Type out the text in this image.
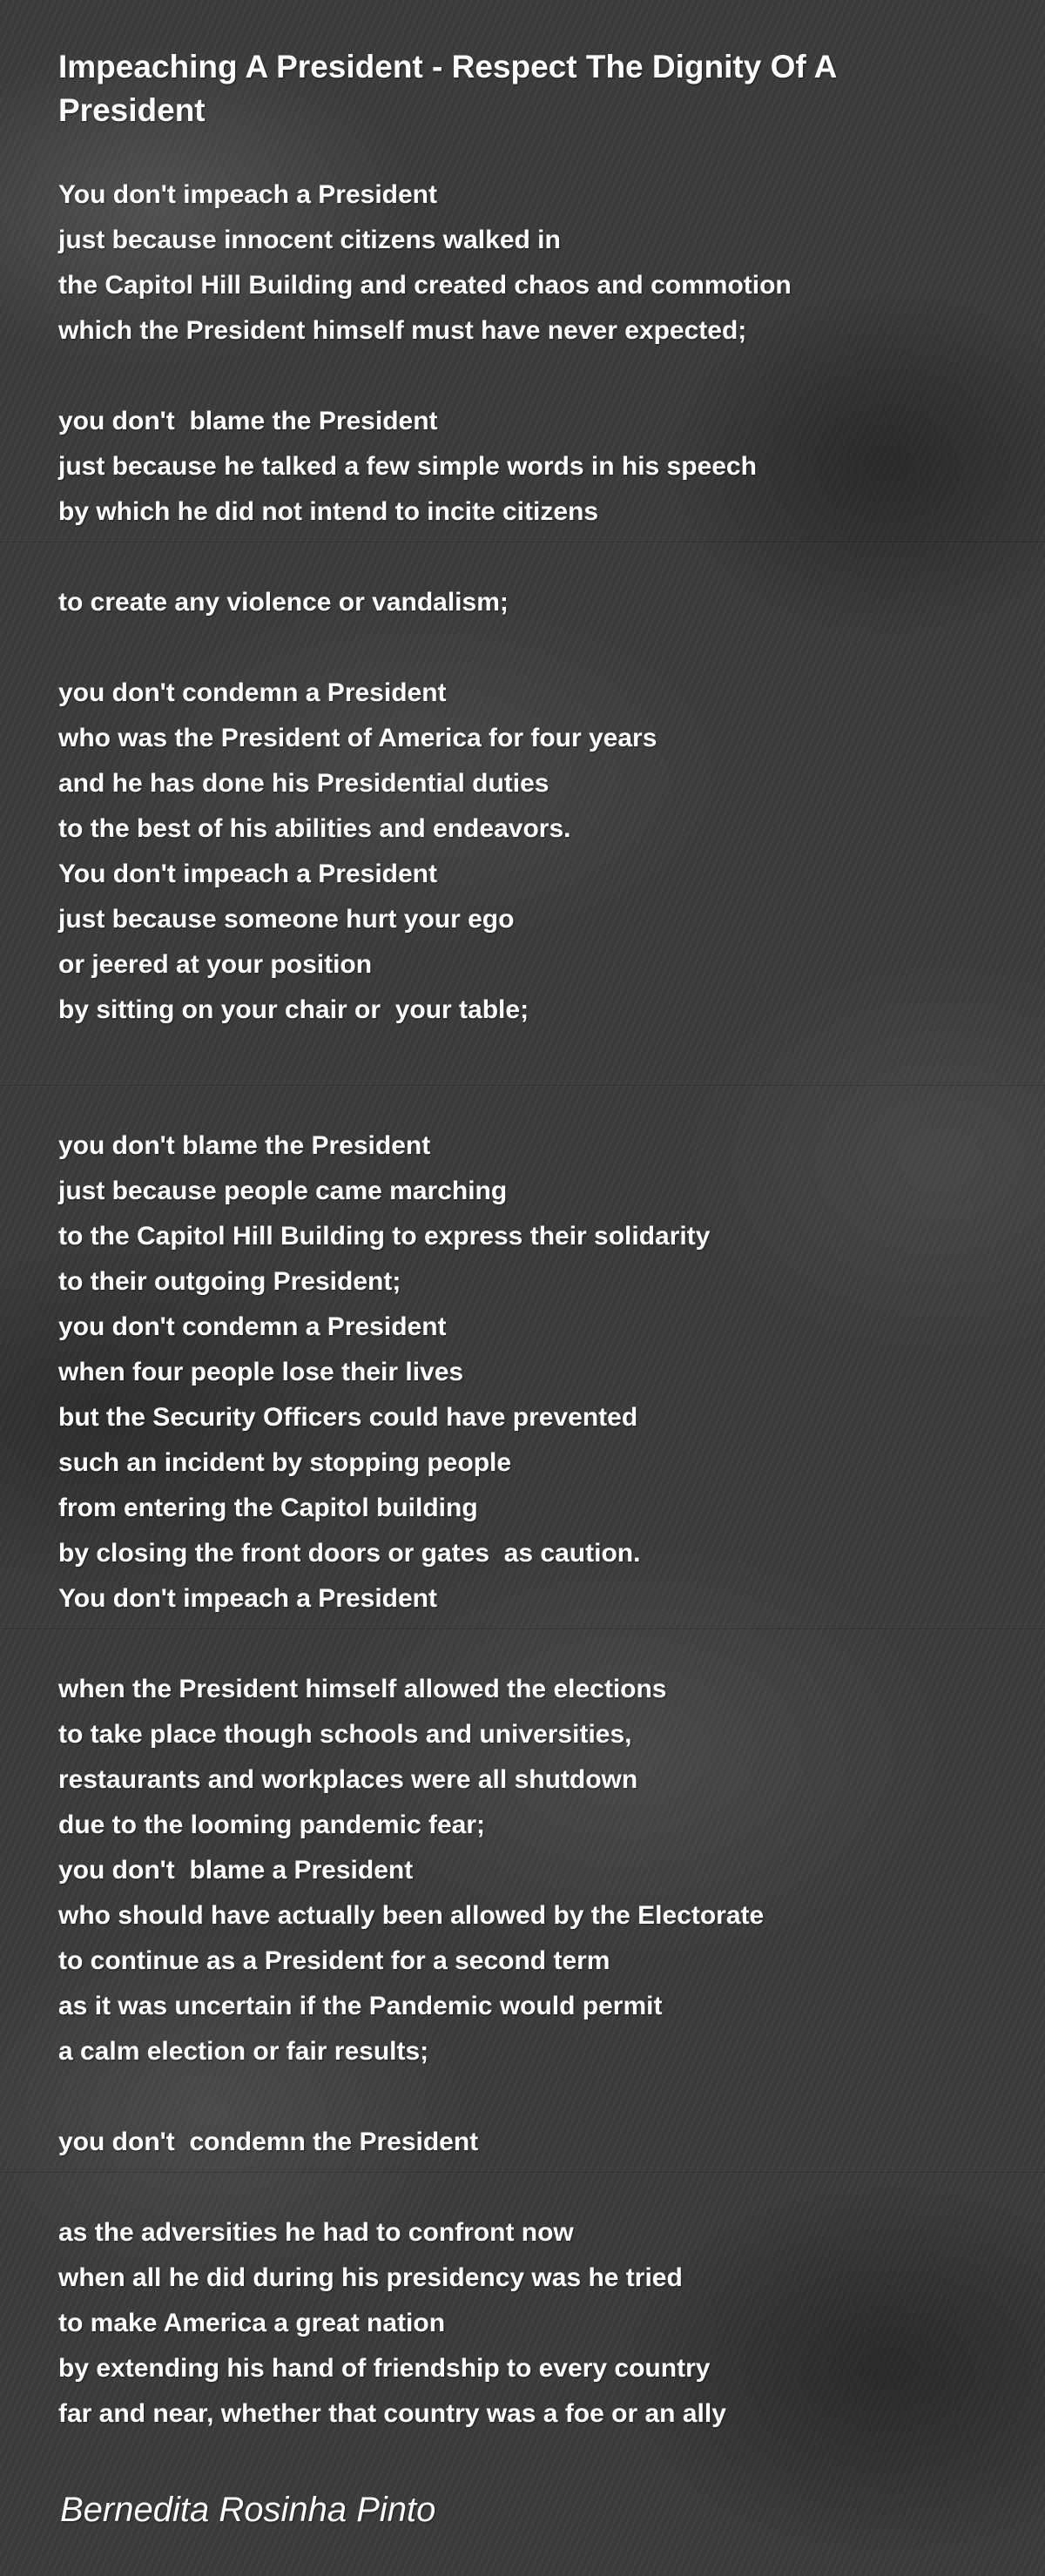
Impeaching A President - Respect The Dignity Of A President
You don't impeach a President
just because innocent citizens walked in
the Capitol Hill Building and created chaos and commotion
which the President himself must have never expected;
you don't  blame the President
just because he talked a few simple words in his speech
by which he did not intend to incite citizens
to create any violence or vandalism;
you don't condemn a President
who was the President of America for four years
and he has done his Presidential duties
to the best of his abilities and endeavors.
You don't impeach a President
just because someone hurt your ego
or jeered at your position
by sitting on your chair or  your table;
you don't blame the President
just because people came marching
to the Capitol Hill Building to express their solidarity
to their outgoing President;
you don't condemn a President
when four people lose their lives
but the Security Officers could have prevented
such an incident by stopping people
from entering the Capitol building
by closing the front doors or gates  as caution.
You don't impeach a President
when the President himself allowed the elections
to take place though schools and universities,
restaurants and workplaces were all shutdown
due to the looming pandemic fear;
you don't  blame a President
who should have actually been allowed by the Electorate
to continue as a President for a second term
as it was uncertain if the Pandemic would permit
a calm election or fair results;
you don't  condemn the President
as the adversities he had to confront now
when all he did during his presidency was he tried
to make America a great nation
by extending his hand of friendship to every country
far and near, whether that country was a foe or an ally
Bernedita Rosinha Pinto
